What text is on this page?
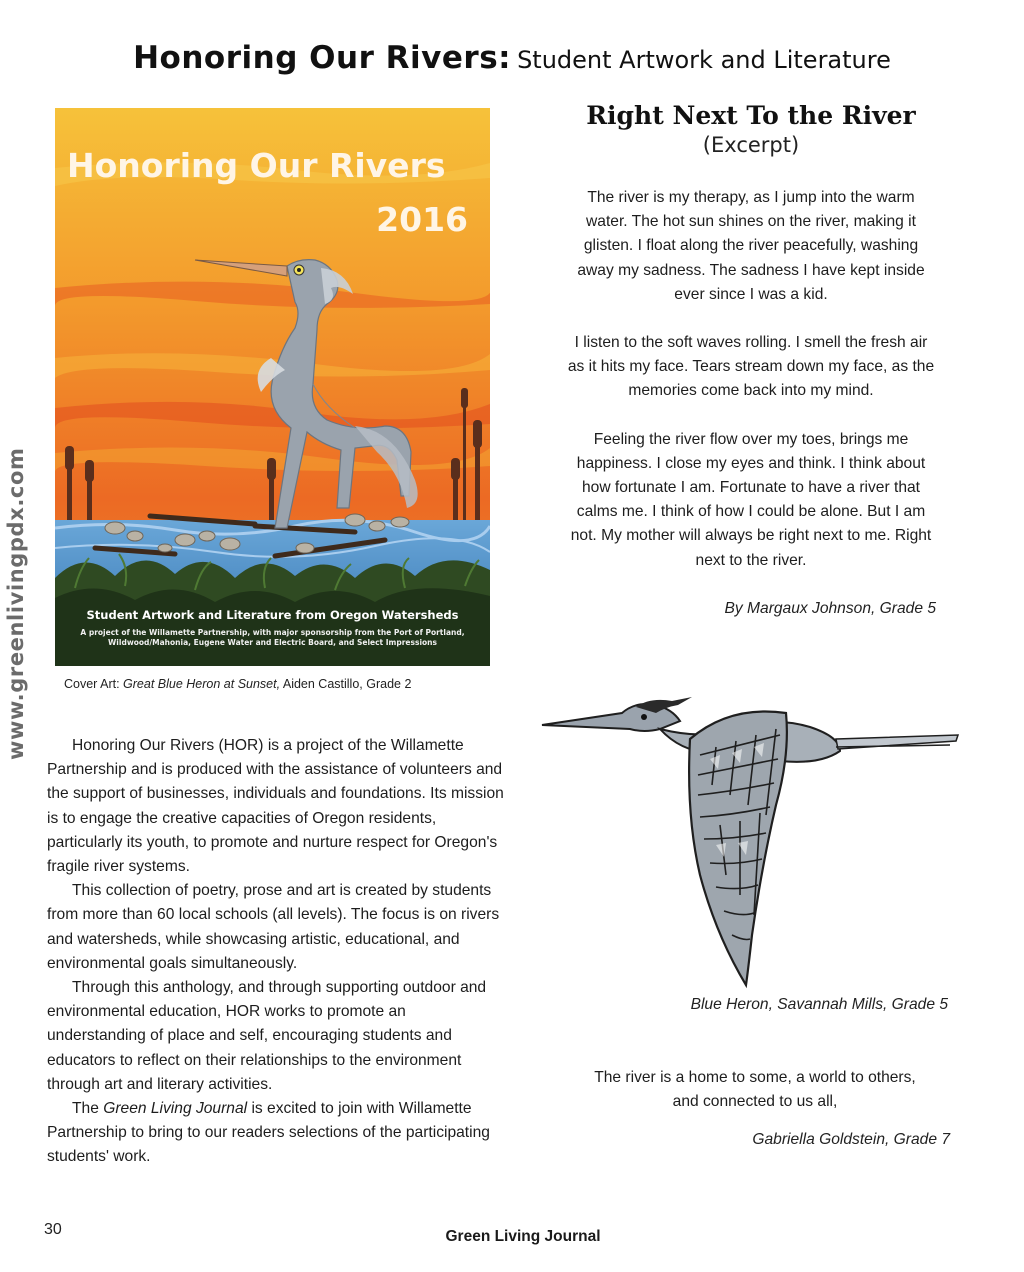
Honoring Our Rivers: Student Artwork and Literature
www.greenlivingpdx.com
Honoring Our Rivers
2016
Student Artwork and Literature from Oregon Watersheds
A project of the Willamette Partnership, with major sponsorship from the Port of Portland,
Wildwood/Mahonia, Eugene Water and Electric Board, and Select Impressions
Cover Art: Great Blue Heron at Sunset, Aiden Castillo, Grade 2

Honoring Our Rivers (HOR) is a project of the Willamette Partnership and is produced with the assistance of volunteers and the support of businesses, individuals and foundations. Its mission is to engage the creative capacities of Oregon residents, particularly its youth, to promote and nurture respect for Oregon's fragile river systems.

This collection of poetry, prose and art is created by students from more than 60 local schools (all levels). The focus is on rivers and watersheds, while showcasing artistic, educational, and environmental goals simultaneously.

Through this anthology, and through supporting outdoor and environmental education, HOR works to promote an understanding of place and self, encouraging students and educators to reflect on their relationships to the environment through art and literary activities.

The Green Living Journal is excited to join with Willamette Partnership to bring to our readers selections of the participating students' work.

Right Next To the River
(Excerpt)

The river is my therapy, as I jump into the warm water. The hot sun shines on the river, making it glisten. I float along the river peacefully, washing away my sadness. The sadness I have kept inside ever since I was a kid.

I listen to the soft waves rolling. I smell the fresh air as it hits my face. Tears stream down my face, as the memories come back into my mind.

Feeling the river flow over my toes, brings me happiness. I close my eyes and think. I think about how fortunate I am. Fortunate to have a river that calms me. I think of how I could be alone. But I am not. My mother will always be right next to me. Right next to the river.

By Margaux Johnson, Grade 5
Blue Heron, Savannah Mills, Grade 5
The river is a home to some, a world to others,
and connected to us all,
Gabriella Goldstein, Grade 7
30	Green Living Journal
